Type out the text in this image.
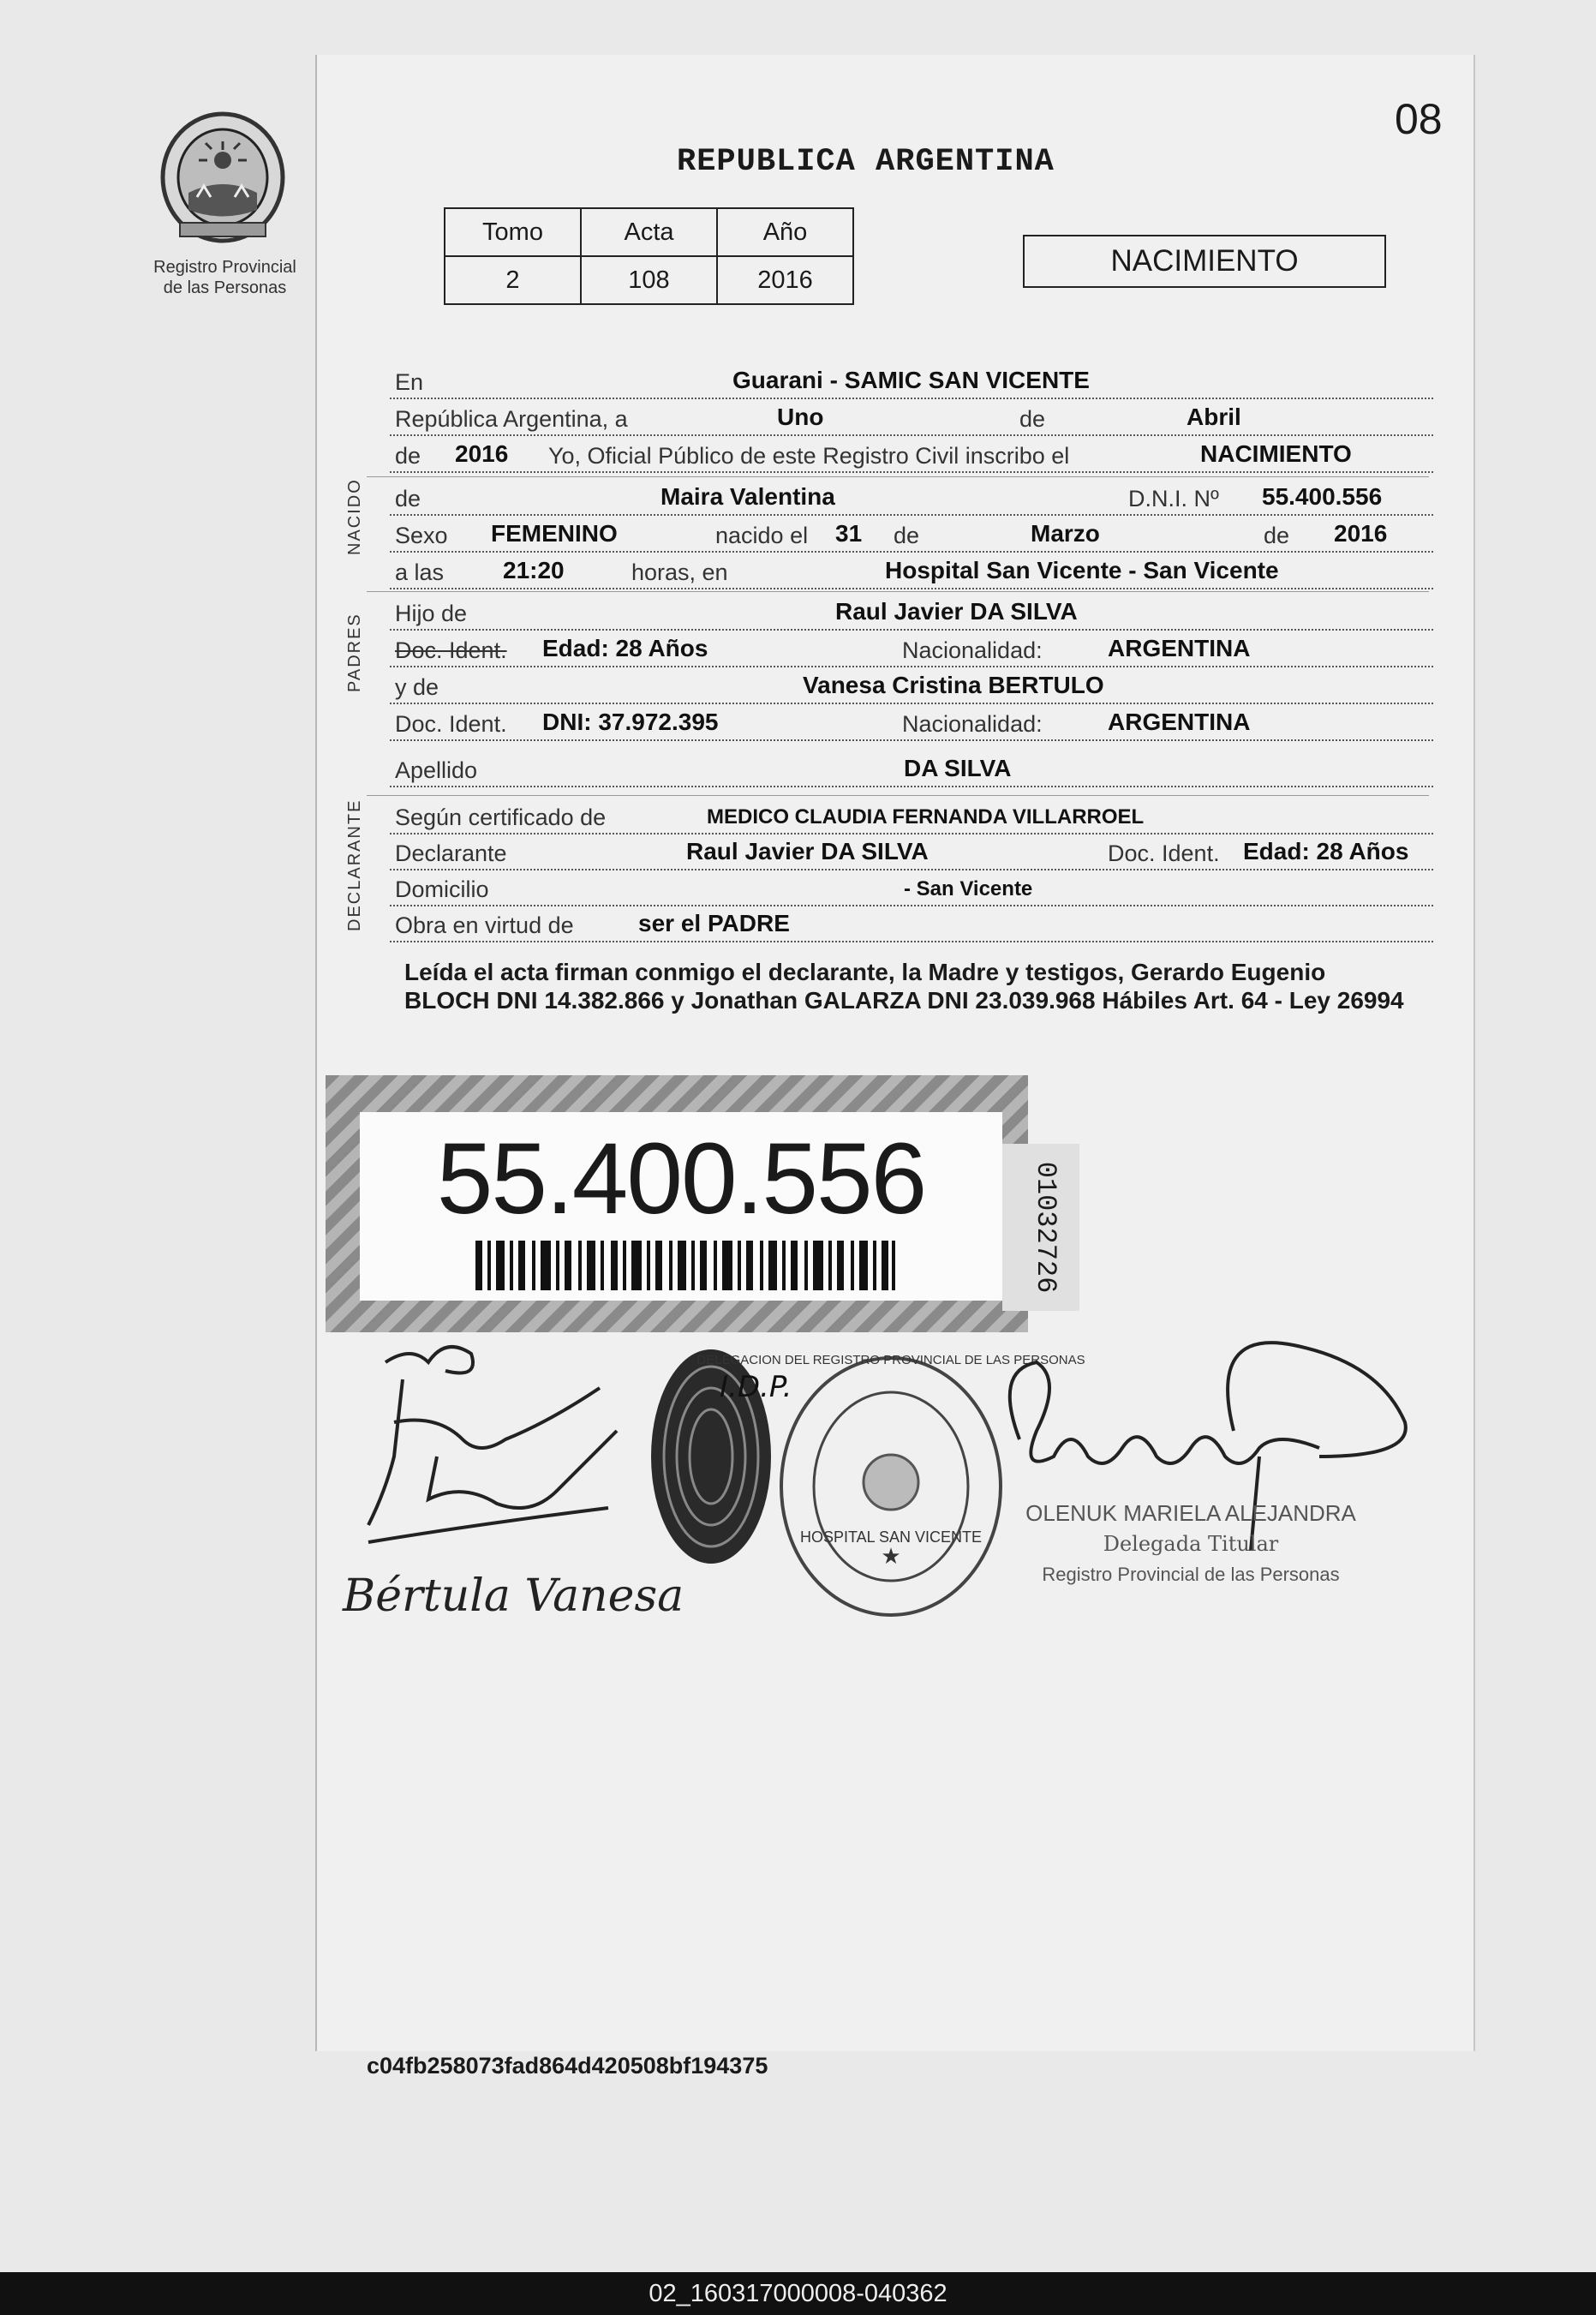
Registro Provincial
de las Personas
08
REPUBLICA ARGENTINA
Tomo	Acta	Año
2	108	2016
NACIMIENTO
En	Guarani - SAMIC SAN VICENTE
República Argentina, a	Uno	de	Abril
de 2016 Yo, Oficial Público de este Registro Civil inscribo el	NACIMIENTO
NACIDO de	Maira Valentina	D.N.I. Nº 55.400.556
Sexo FEMENINO	nacido el 31 de	Marzo	de 2016
a las 21:20	horas, en	Hospital San Vicente - San Vicente
PADRES Hijo de	Raul Javier DA SILVA
Doc. Ident. Edad: 28 Años	Nacionalidad:	ARGENTINA
y de	Vanesa Cristina BERTULO
Doc. Ident. DNI: 37.972.395	Nacionalidad:	ARGENTINA
Apellido	DA SILVA
DECLARANTE Según certificado de	MEDICO CLAUDIA FERNANDA VILLARROEL
Declarante	Raul Javier DA SILVA	Doc. Ident. Edad: 28 Años
Domicilio	- San Vicente
Obra en virtud de	ser el PADRE
Leída el acta firman conmigo el declarante, la Madre y testigos, Gerardo Eugenio BLOCH DNI 14.382.866 y Jonathan GALARZA DNI 23.039.968 Hábiles Art. 64 - Ley 26994
55.400.556	01032726
Bértula Vanesa
I.D.P.
★
DELEGACION DEL REGISTRO PROVINCIAL DE LAS PERSONAS
HOSPITAL SAN VICENTE
OLENUK MARIELA ALEJANDRA
Delegada Titular
Registro Provincial de las Personas
c04fb258073fad864d420508bf194375
02_160317000008-040362
